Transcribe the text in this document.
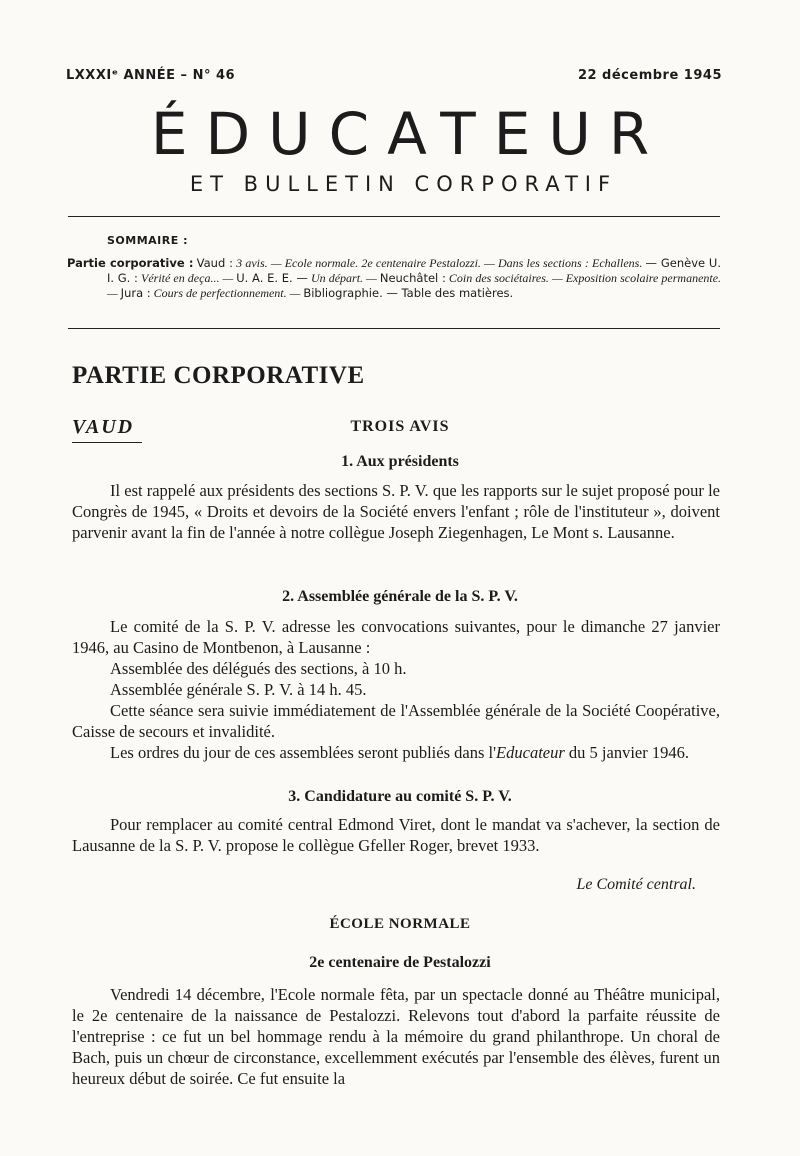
LXXXIᵉ ANNÉE – N° 46	22 décembre 1945
ÉDUCATEUR
ET BULLETIN CORPORATIF
SOMMAIRE :
Partie corporative : Vaud : 3 avis. — Ecole normale. 2e centenaire Pestalozzi. — Dans les sections : Echallens. — Genève U. I. G. : Vérité en deça... — U. A. E. E. — Un départ. — Neuchâtel : Coin des sociétaires. — Exposition scolaire permanente. — Jura : Cours de perfectionnement. — Bibliographie. — Table des matières.
PARTIE CORPORATIVE
VAUD	TROIS AVIS
1. Aux présidents

Il est rappelé aux présidents des sections S. P. V. que les rapports sur le sujet proposé pour le Congrès de 1945, « Droits et devoirs de la Société envers l'enfant ; rôle de l'instituteur », doivent parvenir avant la fin de l'année à notre collègue Joseph Ziegenhagen, Le Mont s. Lausanne.

2. Assemblée générale de la S. P. V.

Le comité de la S. P. V. adresse les convocations suivantes, pour le dimanche 27 janvier 1946, au Casino de Montbenon, à Lausanne :

Assemblée des délégués des sections, à 10 h.

Assemblée générale S. P. V. à 14 h. 45.

Cette séance sera suivie immédiatement de l'Assemblée générale de la Société Coopérative, Caisse de secours et invalidité.

Les ordres du jour de ces assemblées seront publiés dans l'Educateur du 5 janvier 1946.

3. Candidature au comité S. P. V.

Pour remplacer au comité central Edmond Viret, dont le mandat va s'achever, la section de Lausanne de la S. P. V. propose le collègue Gfeller Roger, brevet 1933.

Le Comité central.
ÉCOLE NORMALE
2e centenaire de Pestalozzi

Vendredi 14 décembre, l'Ecole normale fêta, par un spectacle donné au Théâtre municipal, le 2e centenaire de la naissance de Pestalozzi. Relevons tout d'abord la parfaite réussite de l'entreprise : ce fut un bel hommage rendu à la mémoire du grand philanthrope. Un choral de Bach, puis un chœur de circonstance, excellemment exécutés par l'ensemble des élèves, furent un heureux début de soirée. Ce fut ensuite la
